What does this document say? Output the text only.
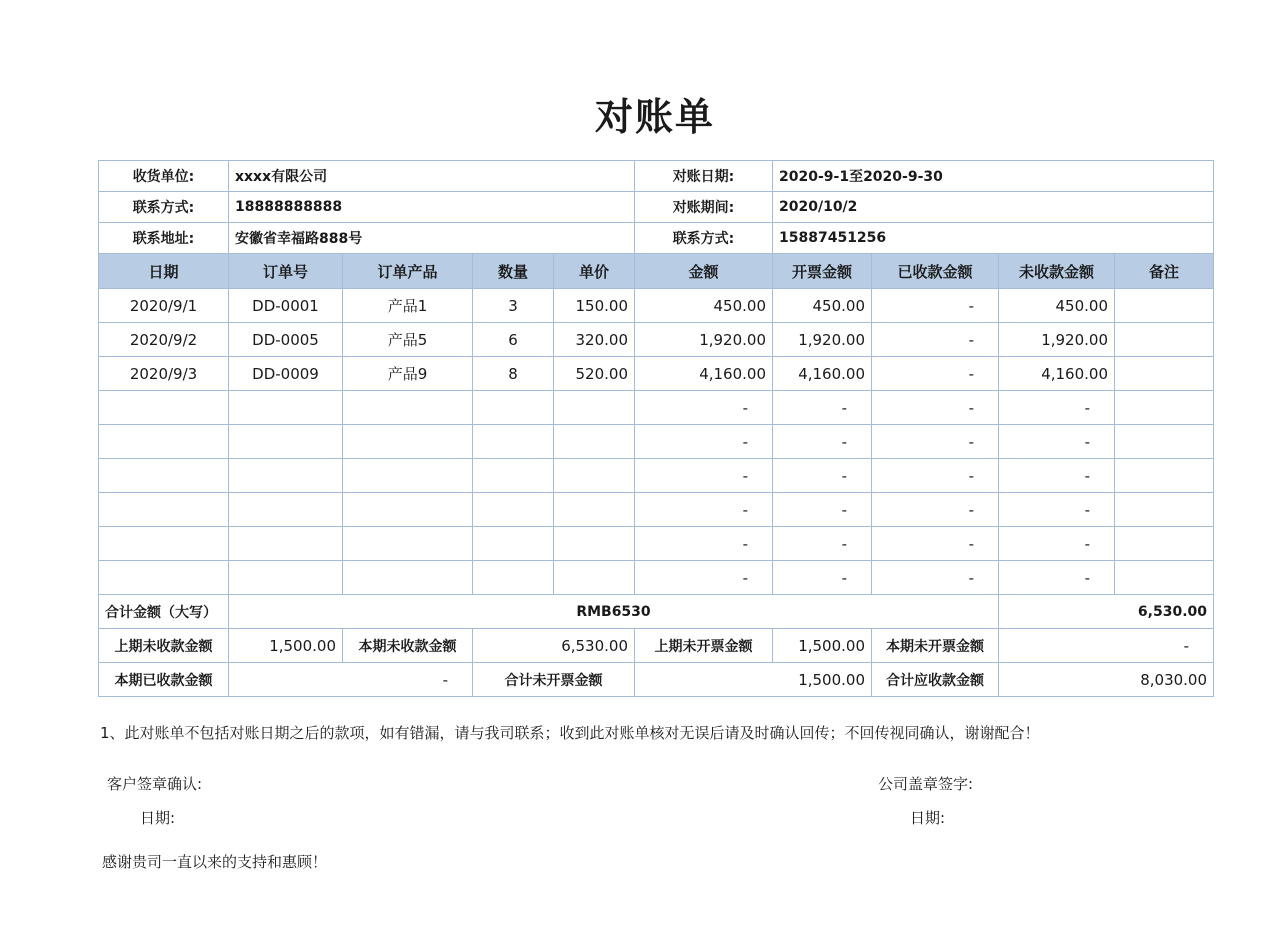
对账单
收货单位:	xxxx有限公司				对账日期:	2020-9-1至2020-9-30			
联系方式:	18888888888				对账期间:	2020/10/2			
联系地址:	安徽省幸福路888号				联系方式:	15887451256			
日期	订单号	订单产品	数量	单价	金额	开票金额	已收款金额	未收款金额	备注
2020/9/1	DD-0001	产品1	3	150.00	450.00	450.00	-	450.00	
2020/9/2	DD-0005	产品5	6	320.00	1,920.00	1,920.00	-	1,920.00	
2020/9/3	DD-0009	产品9	8	520.00	4,160.00	4,160.00	-	4,160.00	
					-	-	-	-	
					-	-	-	-	
					-	-	-	-	
					-	-	-	-	
					-	-	-	-	
					-	-	-	-	
合计金额（大写）	RMB6530							6,530.00	
上期未收款金额	1,500.00	本期未收款金额	6,530.00		上期未开票金额	1,500.00	本期未开票金额	-	
本期已收款金额	-		合计未开票金额		1,500.00		合计应收款金额	8,030.00	
1、此对账单不包括对账日期之后的款项，如有错漏，请与我司联系；收到此对账单核对无误后请及时确认回传；不回传视同确认，谢谢配合！
客户签章确认:
日期:
公司盖章签字:
日期:
感谢贵司一直以来的支持和惠顾！
